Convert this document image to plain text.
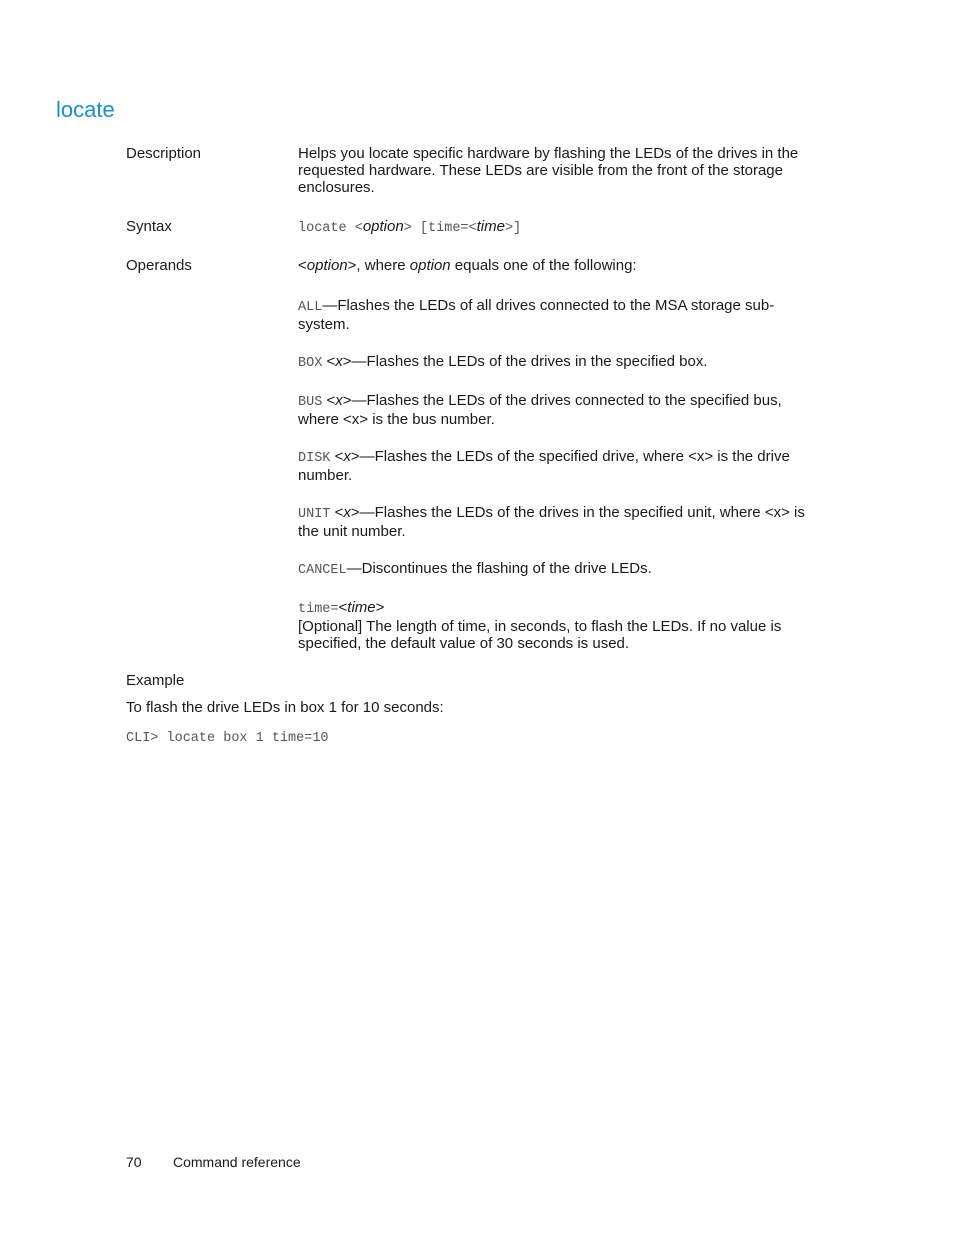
locate
Description	Helps you locate specific hardware by flashing the LEDs of the drives in the requested hardware. These LEDs are visible from the front of the storage enclosures.
Syntax	locate <option> [time=<time>]
Operands	<option>, where option equals one of the following:
ALL—Flashes the LEDs of all drives connected to the MSA storage sub-system.
BOX <x>—Flashes the LEDs of the drives in the specified box.
BUS <x>—Flashes the LEDs of the drives connected to the specified bus, where <x> is the bus number.
DISK <x>—Flashes the LEDs of the specified drive, where <x> is the drive number.
UNIT <x>—Flashes the LEDs of the drives in the specified unit, where <x> is the unit number.
CANCEL—Discontinues the flashing of the drive LEDs.

time=<time>

[Optional] The length of time, in seconds, to flash the LEDs. If no value is specified, the default value of 30 seconds is used.

Example
To flash the drive LEDs in box 1 for 10 seconds:
CLI> locate box 1 time=10
70 Command reference
